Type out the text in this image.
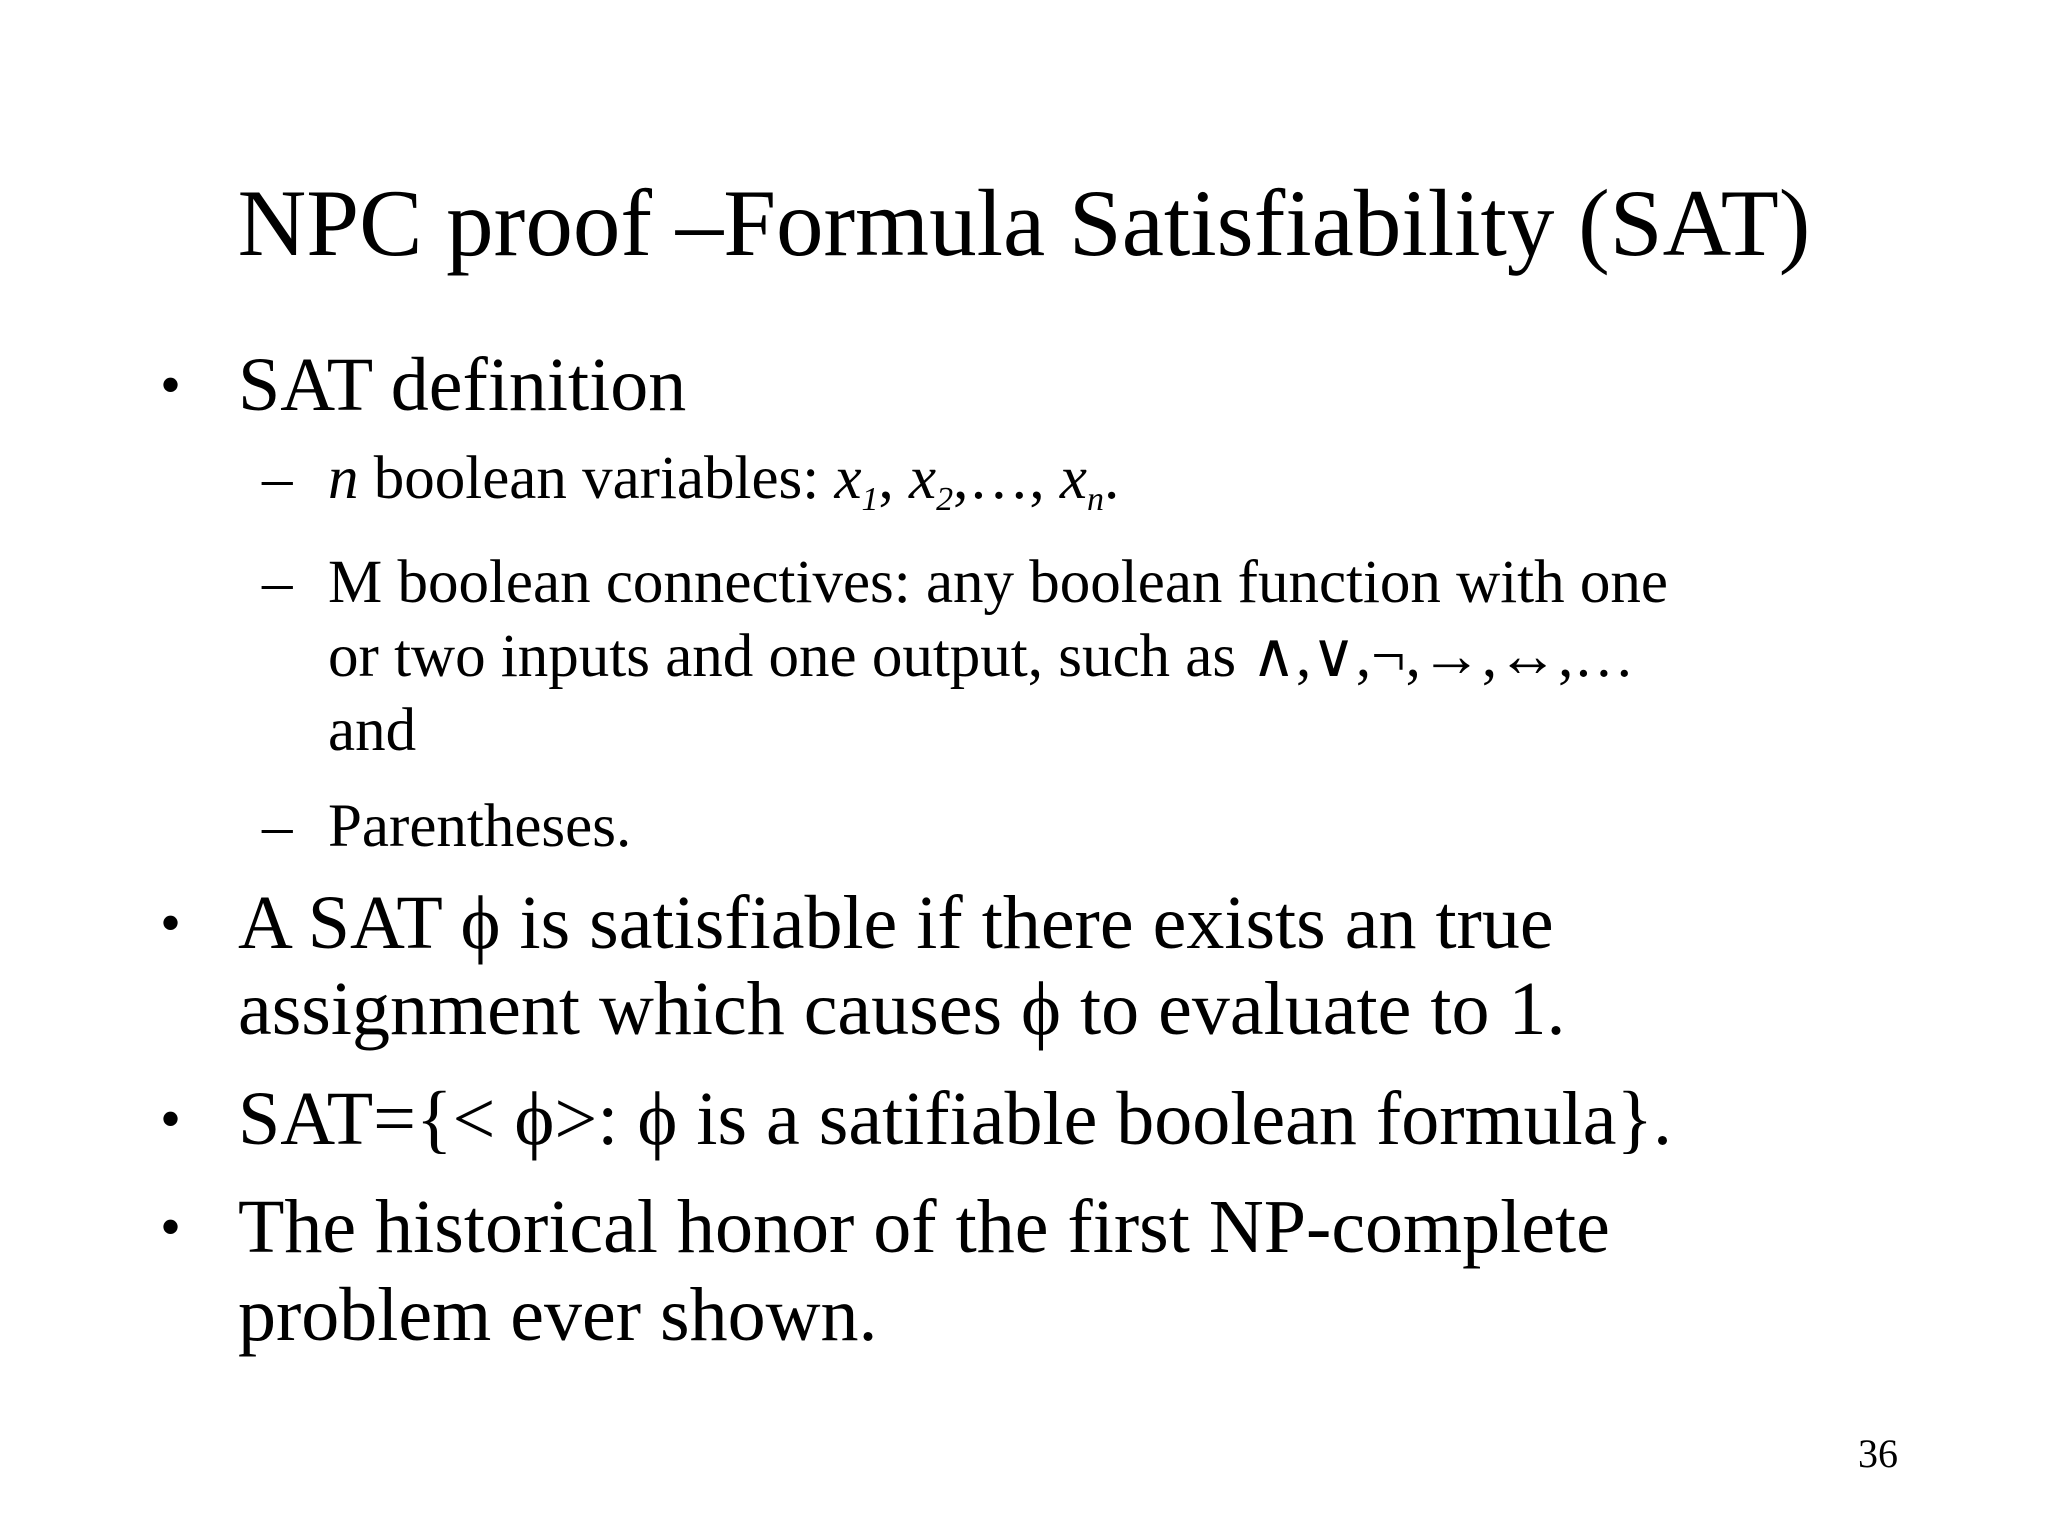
NPC proof –Formula Satisfiability (SAT)
• SAT definition
– n boolean variables: $x_1$, $x_2,\dots$, $x_n$.
– M boolean connectives: any boolean function with one
or two inputs and one output, such as ∧,∨,¬,→,↔,…
and
– Parentheses.
• A SAT ϕ is satisfiable if there exists an true
assignment which causes ϕ to evaluate to 1.
• SAT={< ϕ>: ϕ is a satifiable boolean formula}.
• The historical honor of the first NP-complete
problem ever shown.
36
